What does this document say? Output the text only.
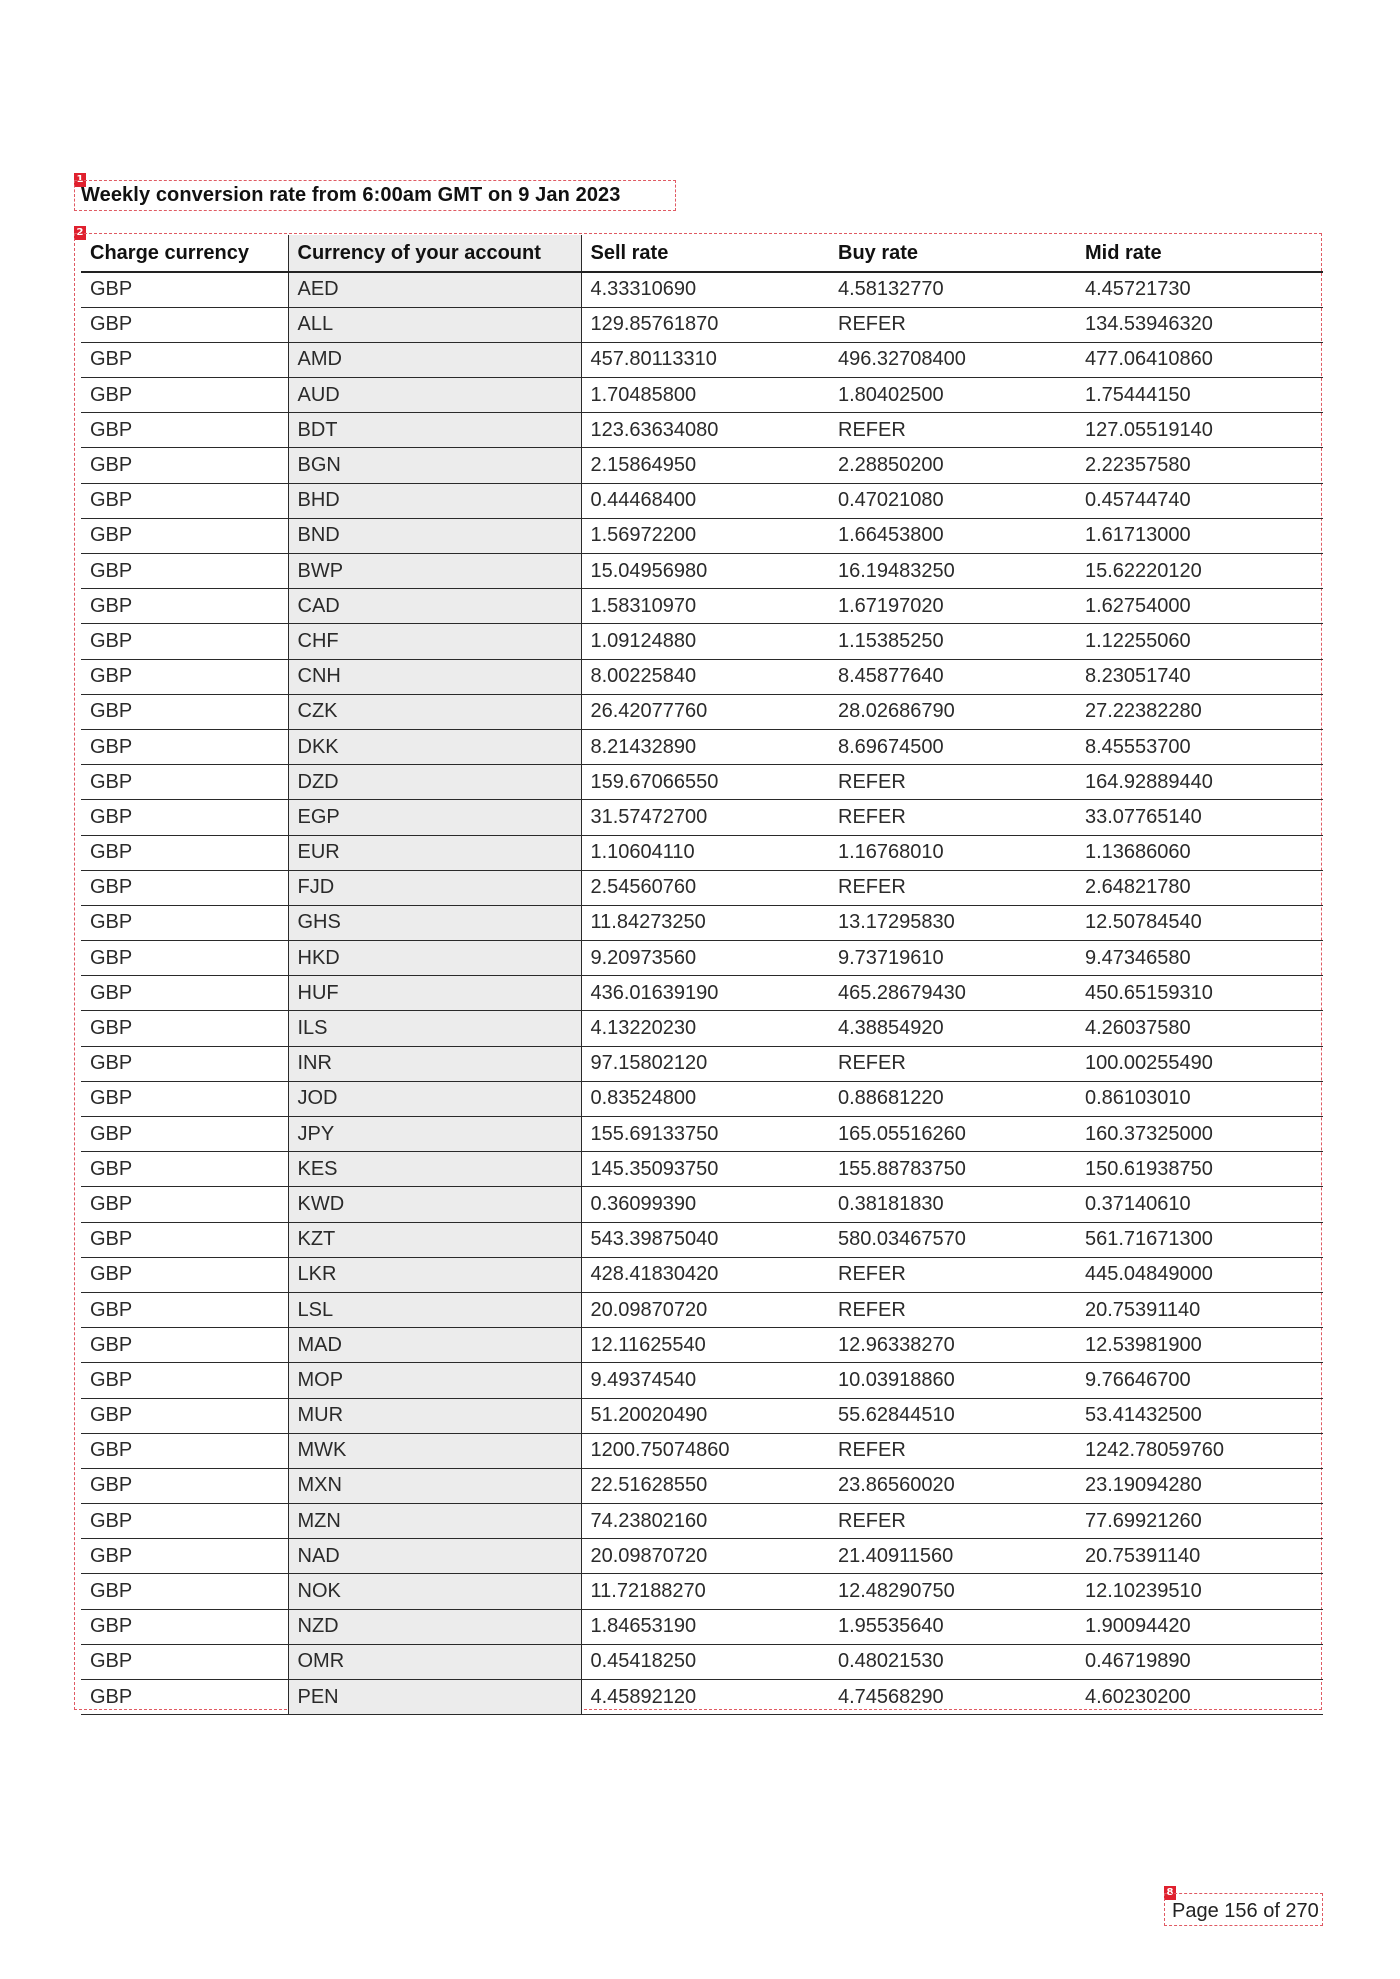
1
Weekly conversion rate from 6:00am GMT on 9 Jan 2023
2
Charge currency	Currency of your account	Sell rate	Buy rate	Mid rate
GBP	AED	4.33310690	4.58132770	4.45721730
GBP	ALL	129.85761870	REFER	134.53946320
GBP	AMD	457.80113310	496.32708400	477.06410860
GBP	AUD	1.70485800	1.80402500	1.75444150
GBP	BDT	123.63634080	REFER	127.05519140
GBP	BGN	2.15864950	2.28850200	2.22357580
GBP	BHD	0.44468400	0.47021080	0.45744740
GBP	BND	1.56972200	1.66453800	1.61713000
GBP	BWP	15.04956980	16.19483250	15.62220120
GBP	CAD	1.58310970	1.67197020	1.62754000
GBP	CHF	1.09124880	1.15385250	1.12255060
GBP	CNH	8.00225840	8.45877640	8.23051740
GBP	CZK	26.42077760	28.02686790	27.22382280
GBP	DKK	8.21432890	8.69674500	8.45553700
GBP	DZD	159.67066550	REFER	164.92889440
GBP	EGP	31.57472700	REFER	33.07765140
GBP	EUR	1.10604110	1.16768010	1.13686060
GBP	FJD	2.54560760	REFER	2.64821780
GBP	GHS	11.84273250	13.17295830	12.50784540
GBP	HKD	9.20973560	9.73719610	9.47346580
GBP	HUF	436.01639190	465.28679430	450.65159310
GBP	ILS	4.13220230	4.38854920	4.26037580
GBP	INR	97.15802120	REFER	100.00255490
GBP	JOD	0.83524800	0.88681220	0.86103010
GBP	JPY	155.69133750	165.05516260	160.37325000
GBP	KES	145.35093750	155.88783750	150.61938750
GBP	KWD	0.36099390	0.38181830	0.37140610
GBP	KZT	543.39875040	580.03467570	561.71671300
GBP	LKR	428.41830420	REFER	445.04849000
GBP	LSL	20.09870720	REFER	20.75391140
GBP	MAD	12.11625540	12.96338270	12.53981900
GBP	MOP	9.49374540	10.03918860	9.76646700
GBP	MUR	51.20020490	55.62844510	53.41432500
GBP	MWK	1200.75074860	REFER	1242.78059760
GBP	MXN	22.51628550	23.86560020	23.19094280
GBP	MZN	74.23802160	REFER	77.69921260
GBP	NAD	20.09870720	21.40911560	20.75391140
GBP	NOK	11.72188270	12.48290750	12.10239510
GBP	NZD	1.84653190	1.95535640	1.90094420
GBP	OMR	0.45418250	0.48021530	0.46719890
GBP	PEN	4.45892120	4.74568290	4.60230200
8
Page 156 of 270
